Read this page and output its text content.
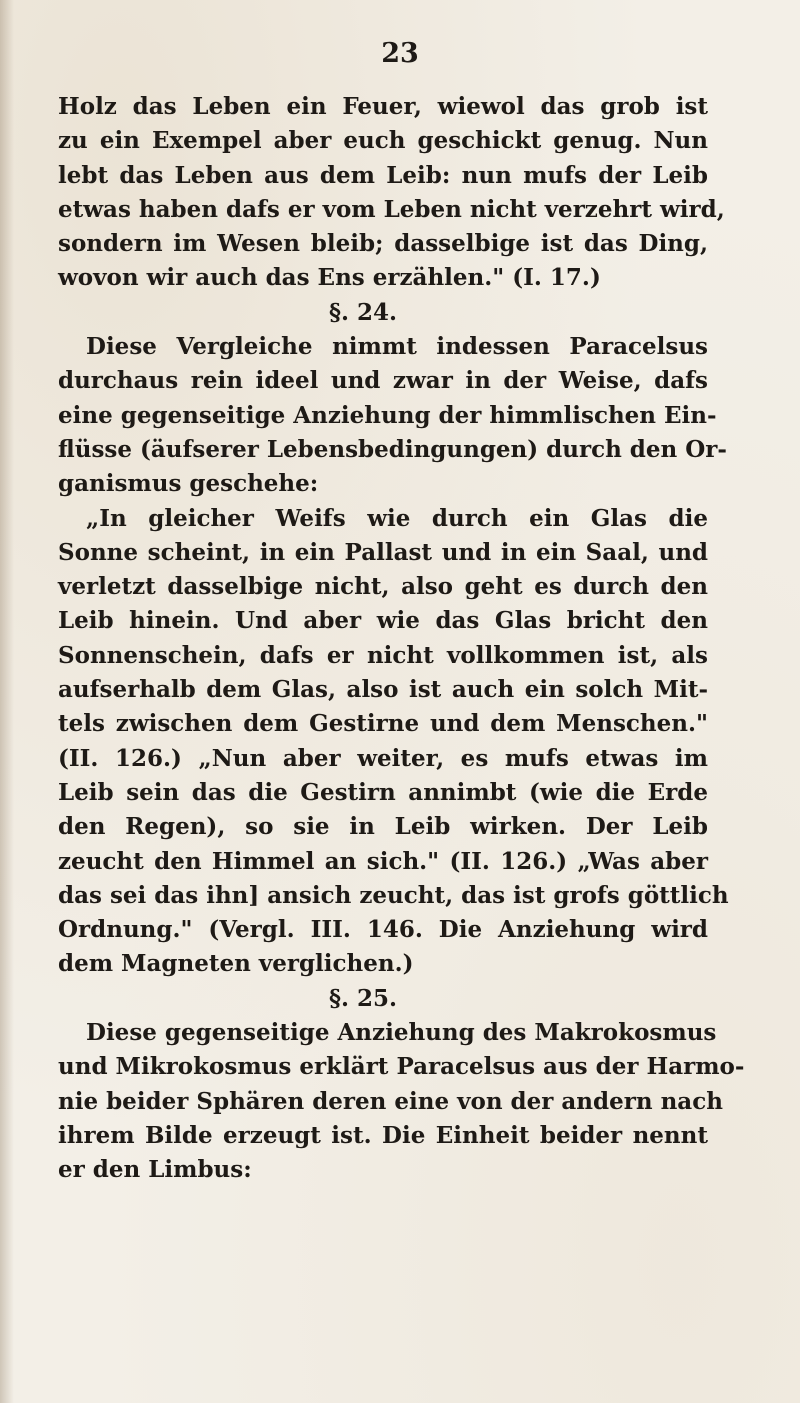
23
Holz das Leben ein Feuer, wiewol das grob ist
zu ein Exempel aber euch geschickt genug. Nun
lebt das Leben aus dem Leib: nun mufs der Leib
etwas haben dafs er vom Leben nicht verzehrt wird,
sondern im Wesen bleib; dasselbige ist das Ding,
wovon wir auch das Ens erzählen." (I. 17.)
§. 24.
Diese Vergleiche nimmt indessen Paracelsus
durchaus rein ideel und zwar in der Weise, dafs
eine gegenseitige Anziehung der himmlischen Ein-
flüsse (äufserer Lebensbedingungen) durch den Or-
ganismus geschehe:
„In gleicher Weifs wie durch ein Glas die
Sonne scheint, in ein Pallast und in ein Saal, und
verletzt dasselbige nicht, also geht es durch den
Leib hinein. Und aber wie das Glas bricht den
Sonnenschein, dafs er nicht vollkommen ist, als
aufserhalb dem Glas, also ist auch ein solch Mit-
tels zwischen dem Gestirne und dem Menschen."
(II. 126.) „Nun aber weiter, es mufs etwas im
Leib sein das die Gestirn annimbt (wie die Erde
den Regen), so sie in Leib wirken. Der Leib
zeucht den Himmel an sich." (II. 126.) „Was aber
das sei das ihn] ansich zeucht, das ist grofs göttlich
Ordnung." (Vergl. III. 146. Die Anziehung wird
dem Magneten verglichen.)
§. 25.
Diese gegenseitige Anziehung des Makrokosmus
und Mikrokosmus erklärt Paracelsus aus der Harmo-
nie beider Sphären deren eine von der andern nach
ihrem Bilde erzeugt ist. Die Einheit beider nennt
er den Limbus:
